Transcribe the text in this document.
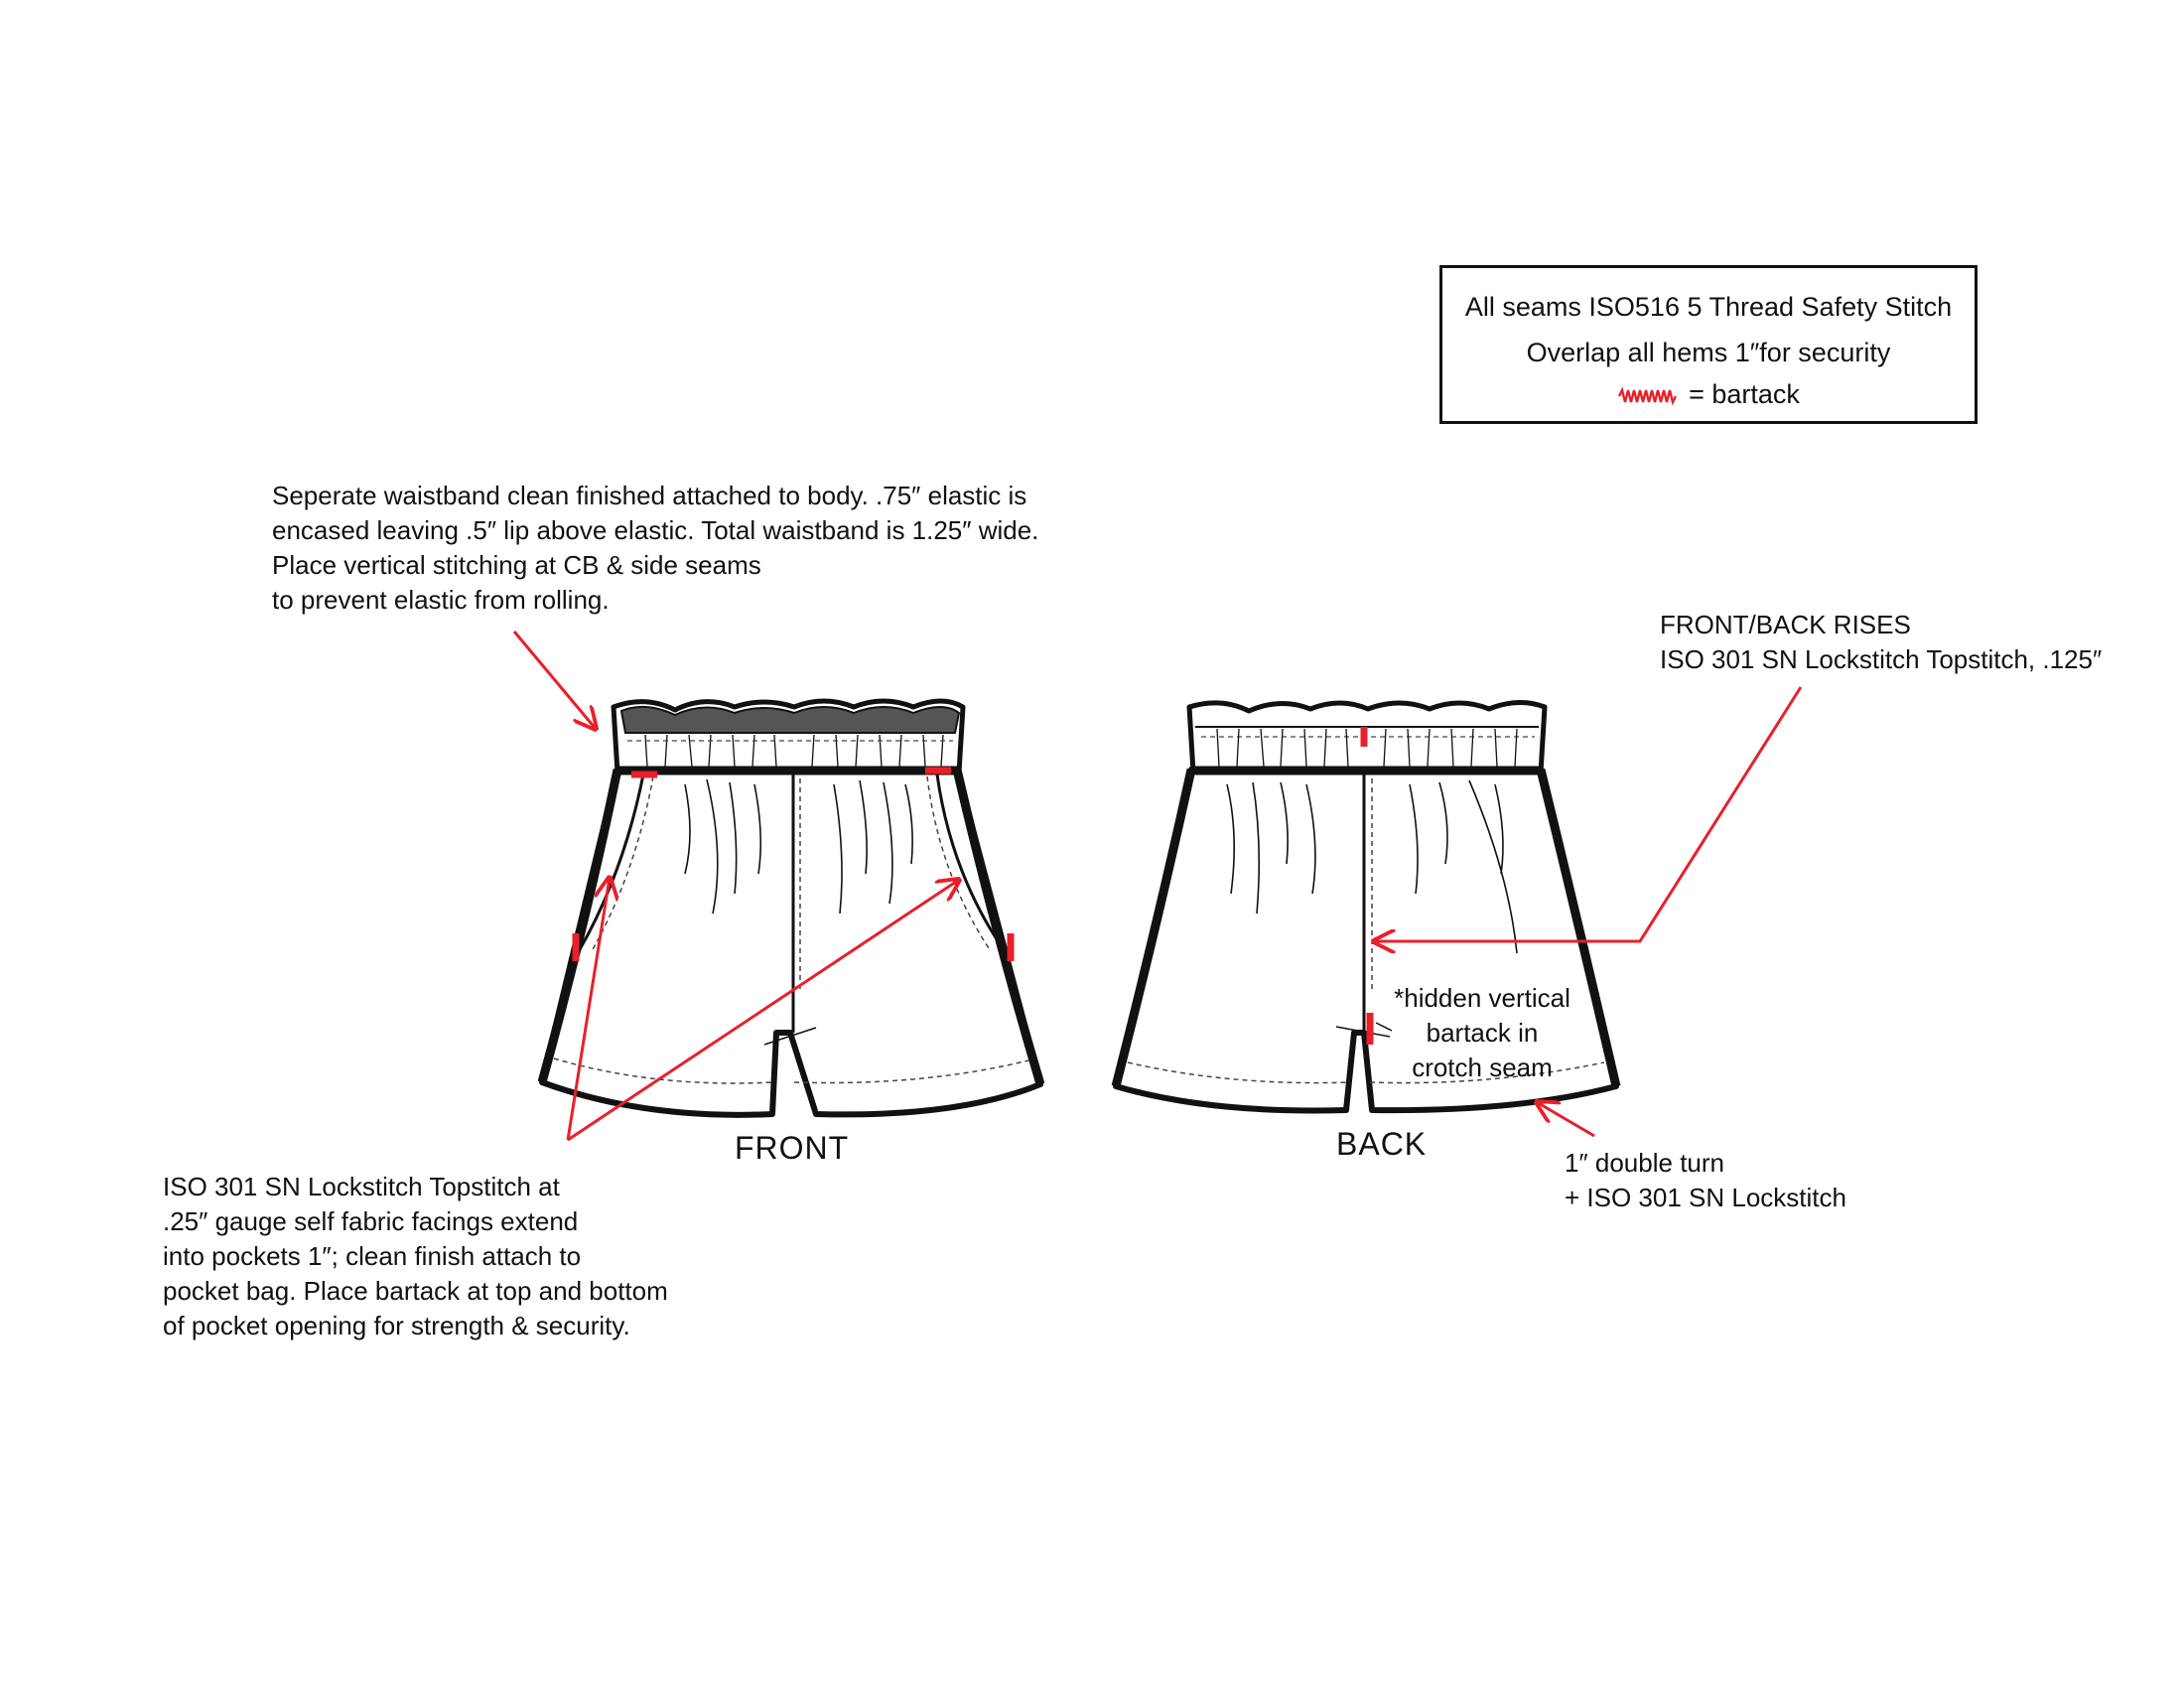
All seams ISO516 5 Thread Safety Stitch
Overlap all hems 1″for security
= bartack
Seperate waistband clean finished attached to body. .75″ elastic is
encased leaving .5″ lip above elastic. Total waistband is 1.25″ wide.
Place vertical stitching at CB & side seams
to prevent elastic from rolling.
FRONT/BACK RISES
ISO 301 SN Lockstitch Topstitch, .125″
ISO 301 SN Lockstitch Topstitch at
.25″ gauge self fabric facings extend
into pockets 1″; clean finish attach to
pocket bag. Place bartack at top and bottom
of pocket opening for strength & security.
*hidden vertical
bartack in
crotch seam
1″ double turn
+ ISO 301 SN Lockstitch
FRONT	BACK
